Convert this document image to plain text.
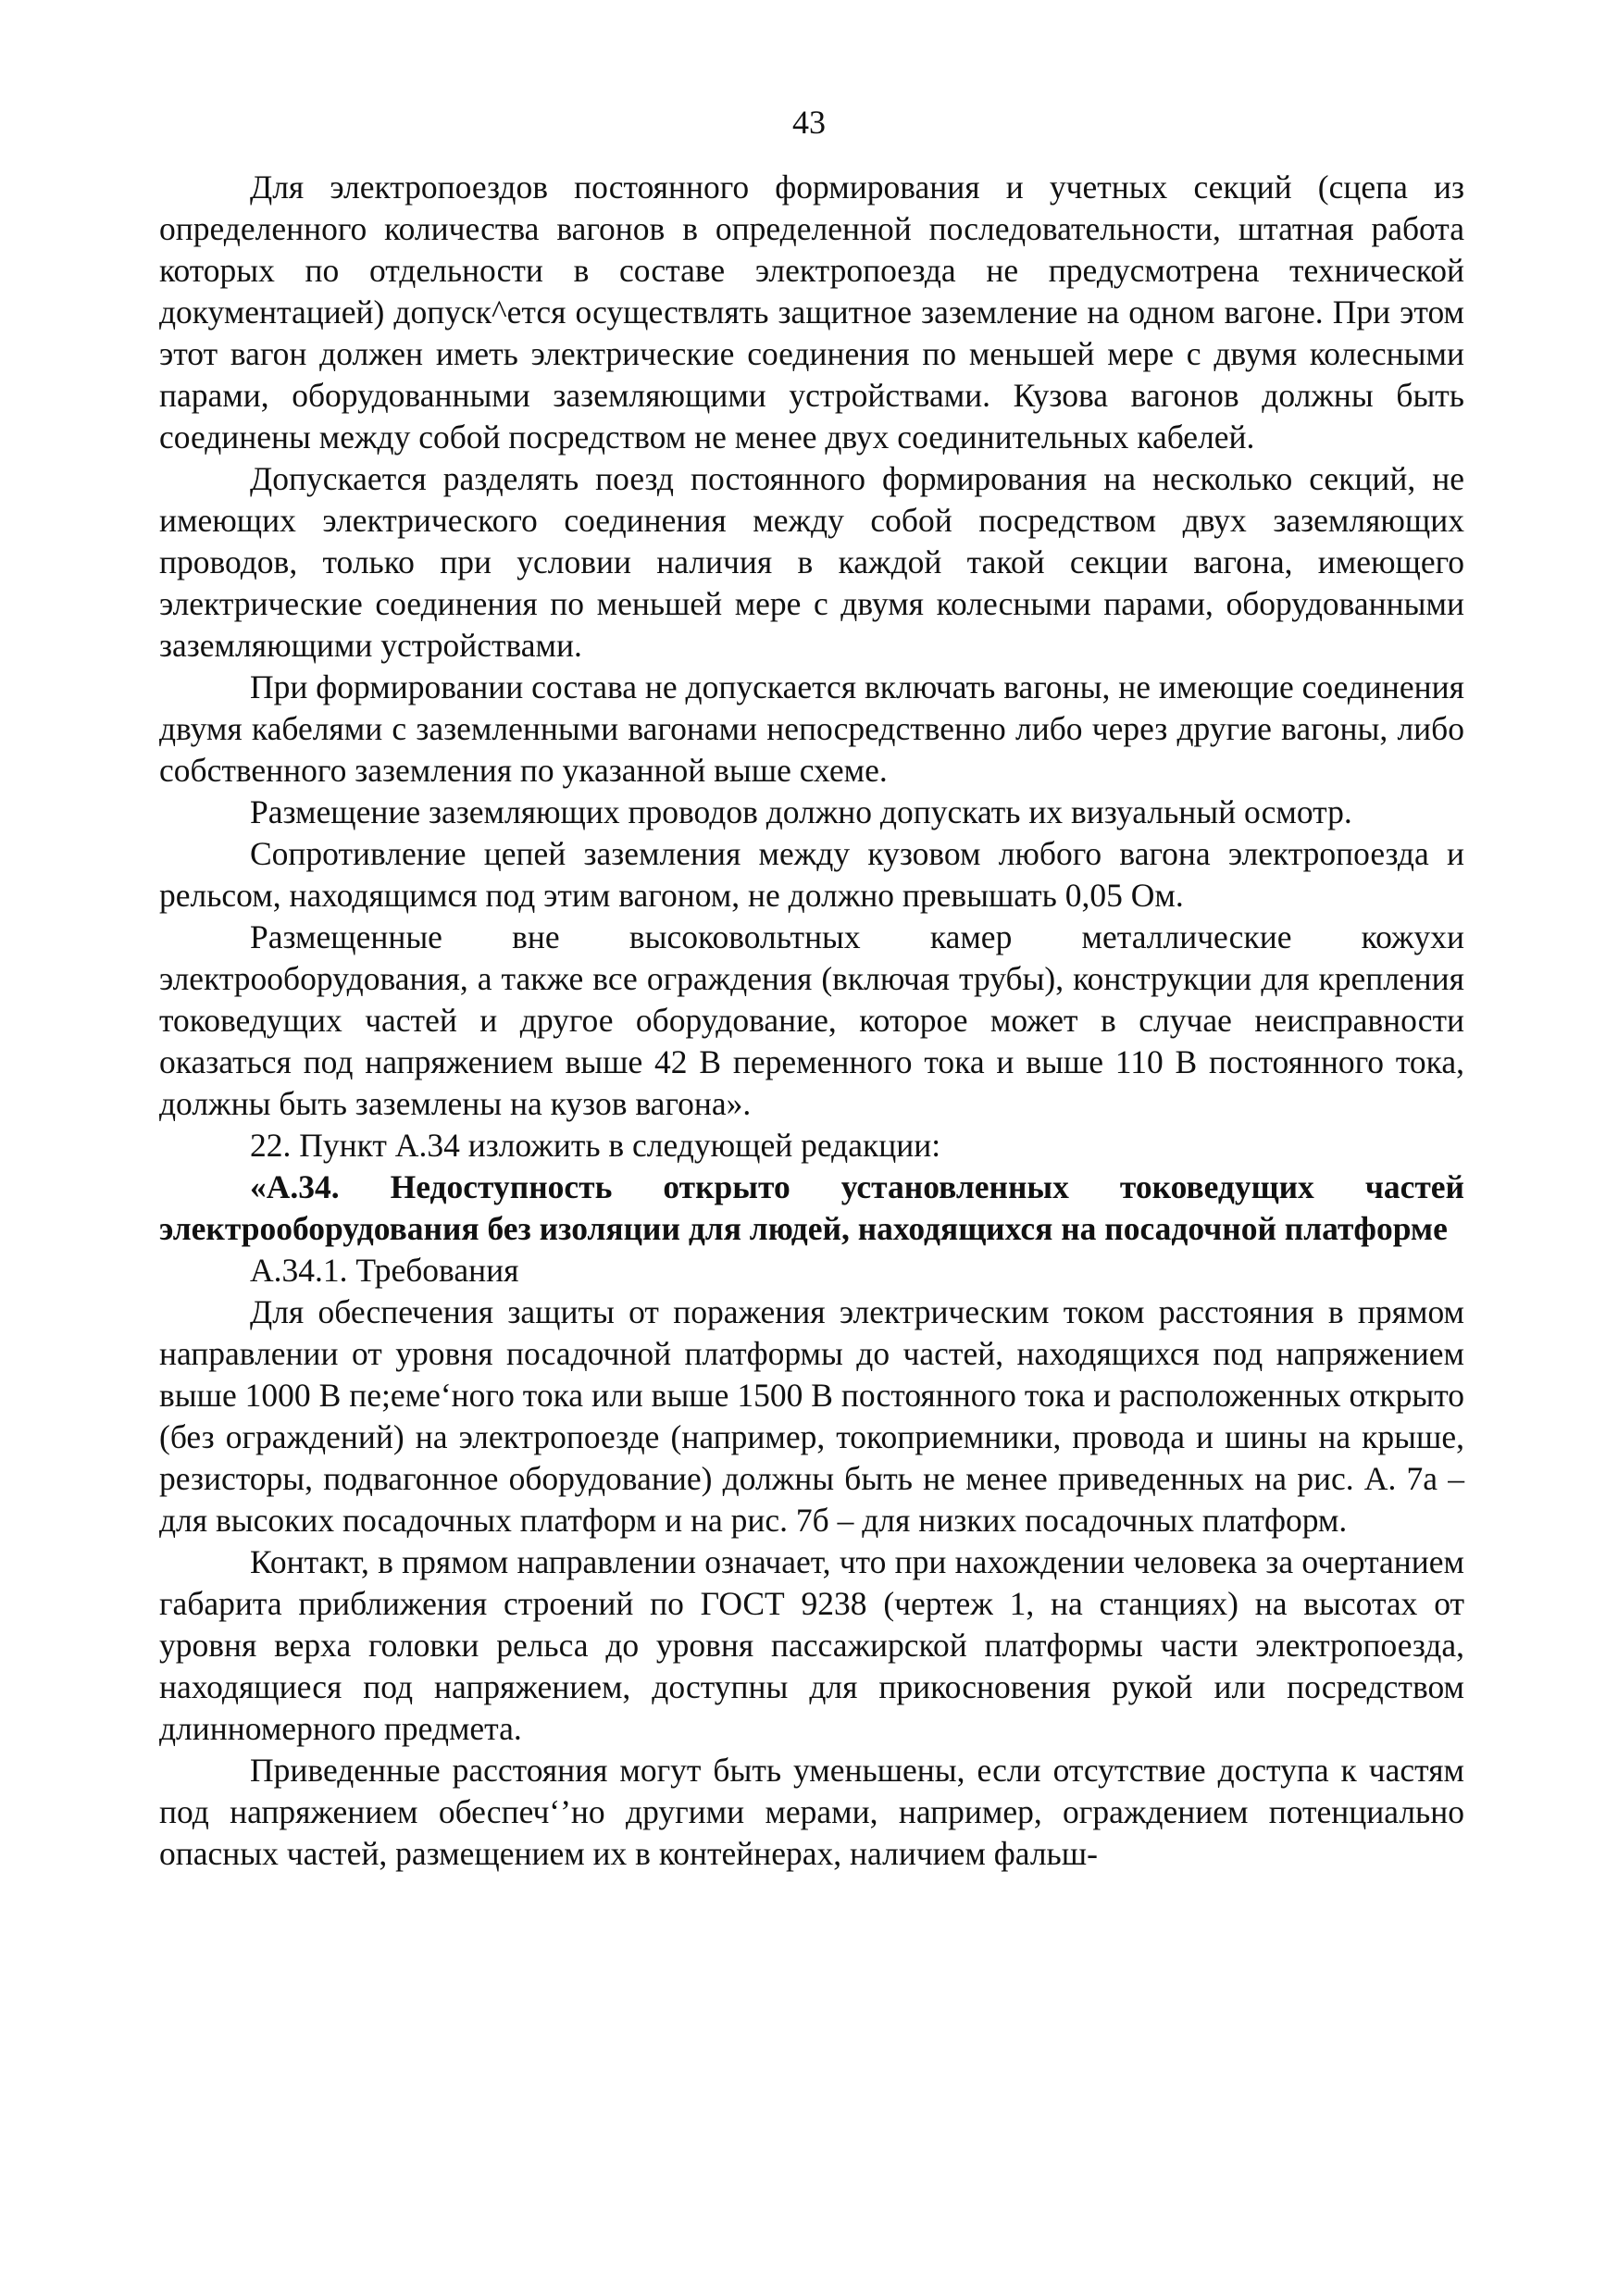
43

Для электропоездов постоянного формирования и учетных секций (сцепа из определенного количества вагонов в определенной последовательности, штатная работа которых по отдельности в составе электропоезда не предусмотрена технической документацией) допуск^ется осуществлять защитное заземление на одном вагоне. При этом этот вагон должен иметь электрические соединения по меньшей мере с двумя колесными парами, оборудованными заземляющими устройствами. Кузова вагонов должны быть соединены между собой посредством не менее двух соединительных кабелей.

Допускается разделять поезд постоянного формирования на несколько секций, не имеющих электрического соединения между собой посредством двух заземляющих проводов, только при условии наличия в каждой такой секции вагона, имеющего электрические соединения по меньшей мере с двумя колесными парами, оборудованными заземляющими устройствами.

При формировании состава не допускается включать вагоны, не имеющие соединения двумя кабелями с заземленными вагонами непосредственно либо через другие вагоны, либо собственного заземления по указанной выше схеме.

Размещение заземляющих проводов должно допускать их визуальный осмотр.

Сопротивление цепей заземления между кузовом любого вагона электропоезда и рельсом, находящимся под этим вагоном, не должно превышать 0,05 Ом.

Размещенные вне высоковольтных камер металлические кожухи электрооборудования, а также все ограждения (включая трубы), конструкции для крепления токоведущих частей и другое оборудование, которое может в случае неисправности оказаться под напряжением выше 42 В переменного тока и выше 110 В постоянного тока, должны быть заземлены на кузов вагона».

22. Пункт А.34 изложить в следующей редакции:

«А.34. Недоступность открыто установленных токоведущих частей электрооборудования без изоляции для людей, находящихся на посадочной платформе

А.34.1. Требования

Для обеспечения защиты от поражения электрическим током расстояния в прямом направлении от уровня посадочной платформы до частей, находящихся под напряжением выше 1000 В пе;еме‘ного тока или выше 1500 В постоянного тока и расположенных открыто (без ограждений) на электропоезде (например, токоприемники, провода и шины на крыше, резисторы, подвагонное оборудование) должны быть не менее приведенных на рис. А. 7а – для высоких посадочных платформ и на рис. 7б – для низких посадочных платформ.

Контакт, в прямом направлении означает, что при нахождении человека за очертанием габарита приближения строений по ГОСТ 9238 (чертеж 1, на станциях) на высотах от уровня верха головки рельса до уровня пассажирской платформы части электропоезда, находящиеся под напряжением, доступны для прикосновения рукой или посредством длинномерного предмета.

Приведенные расстояния могут быть уменьшены, если отсутствие доступа к частям под напряжением обеспеч‘’но другими мерами, например, ограждением потенциально опасных частей, размещением их в контейнерах, наличием фальш-
